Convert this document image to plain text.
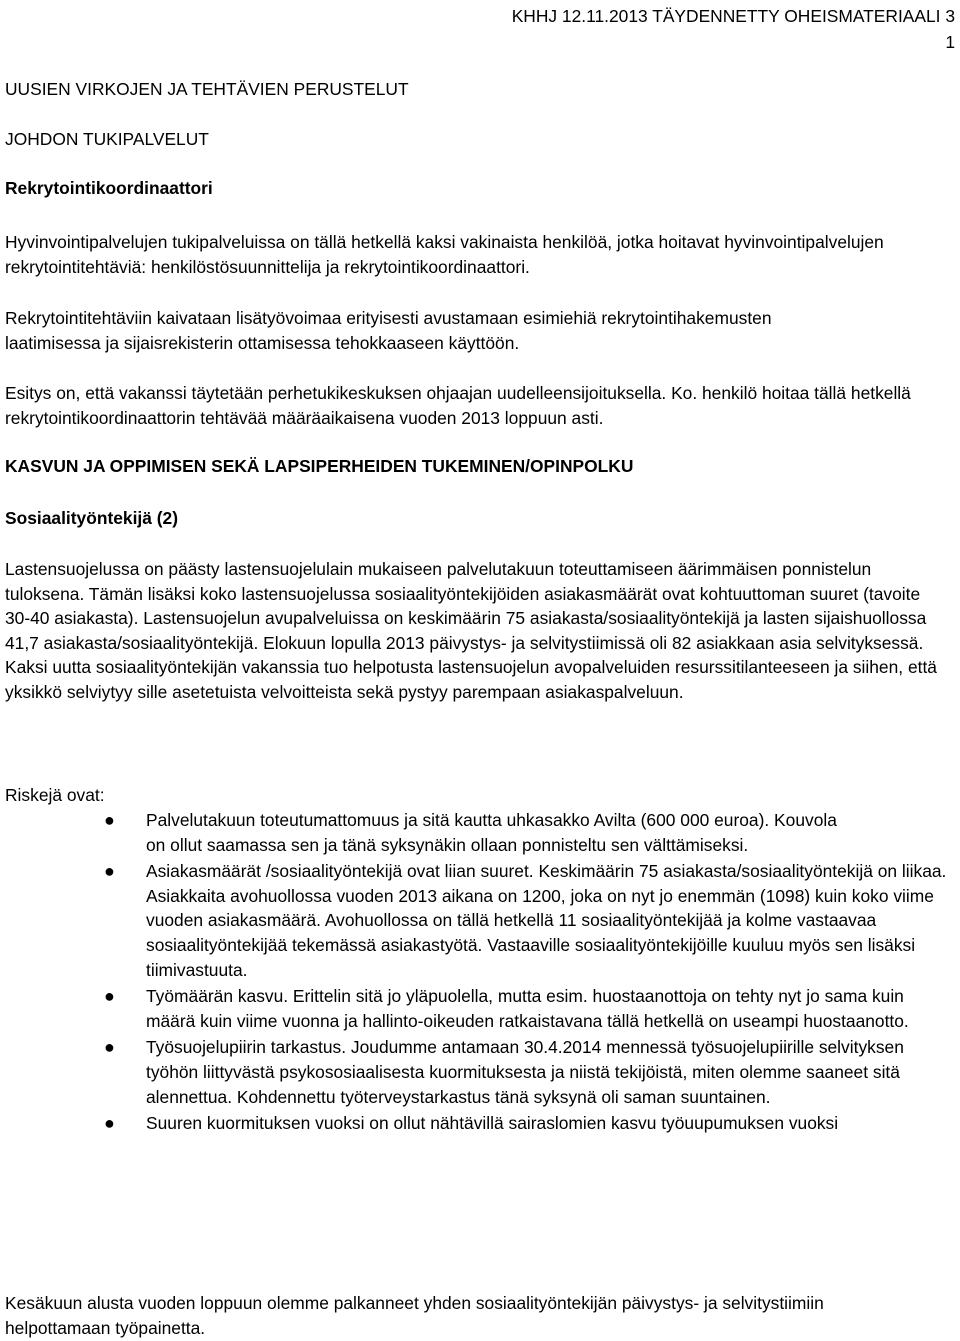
KHHJ 12.11.2013 TÄYDENNETTY OHEISMATERIAALI 3
1
UUSIEN VIRKOJEN JA TEHTÄVIEN PERUSTELUT
JOHDON TUKIPALVELUT
Rekrytointikoordinaattori

Hyvinvointipalvelujen tukipalveluissa on tällä hetkellä kaksi vakinaista henkilöä, jotka hoitavat hyvinvointipalvelujen rekrytointitehtäviä: henkilöstösuunnittelija ja rekrytointikoordinaattori.

Rekrytointitehtäviin kaivataan lisätyövoimaa erityisesti avustamaan esimiehiä rekrytointihakemusten laatimisessa ja sijaisrekisterin ottamisessa tehokkaaseen käyttöön.

Esitys on, että vakanssi täytetään perhetukikeskuksen ohjaajan uudelleensijoituksella. Ko. henkilö hoitaa tällä hetkellä rekrytointikoordinaattorin tehtävää määräaikaisena vuoden 2013 loppuun asti.

KASVUN JA OPPIMISEN SEKÄ LAPSIPERHEIDEN TUKEMINEN/OPINPOLKU
Sosiaalityöntekijä (2)

Lastensuojelussa on päästy lastensuojelulain mukaiseen palvelutakuun toteuttamiseen äärimmäisen ponnistelun tuloksena. Tämän lisäksi koko lastensuojelussa sosiaalityöntekijöiden asiakasmäärät ovat kohtuuttoman suuret (tavoite 30-40 asiakasta). Lastensuojelun avupalveluissa on keskimäärin 75 asiakasta/sosiaalityöntekijä ja lasten sijaishuollossa 41,7 asiakasta/sosiaalityöntekijä. Elokuun lopulla 2013 päivystys- ja selvitystiimissä oli 82 asiakkaan asia selvityksessä. Kaksi uutta sosiaalityöntekijän vakanssia tuo helpotusta lastensuojelun avopalveluiden resurssitilanteeseen ja siihen, että yksikkö selviytyy sille asetetuista velvoitteista sekä pystyy parempaan asiakaspalveluun.

Riskejä ovat:
● Palvelutakuun toteutumattomuus ja sitä kautta uhkasakko Avilta (600 000 euroa). Kouvola on ollut saamassa sen ja tänä syksynäkin ollaan ponnisteltu sen välttämiseksi.
● Asiakasmäärät /sosiaalityöntekijä ovat liian suuret. Keskimäärin 75 asiakasta/sosiaalityöntekijä on liikaa. Asiakkaita avohuollossa vuoden 2013 aikana on 1200, joka on nyt jo enemmän (1098) kuin koko viime vuoden asiakasmäärä. Avohuollossa on tällä hetkellä 11 sosiaalityöntekijää ja kolme vastaavaa sosiaalityöntekijää tekemässä asiakastyötä. Vastaaville sosiaalityöntekijöille kuuluu myös sen lisäksi tiimivastuuta.
● Työmäärän kasvu. Erittelin sitä jo yläpuolella, mutta esim. huostaanottoja on tehty nyt jo sama kuin määrä kuin viime vuonna ja hallinto-oikeuden ratkaistavana tällä hetkellä on useampi huostaanotto.
● Työsuojelupiirin tarkastus. Joudumme antamaan 30.4.2014 mennessä työsuojelupiirille selvityksen työhön liittyvästä psykososiaalisesta kuormituksesta ja niistä tekijöistä, miten olemme saaneet sitä alennettua. Kohdennettu työterveystarkastus tänä syksynä oli saman suuntainen.
● Suuren kuormituksen vuoksi on ollut nähtävillä sairaslomien kasvu työuupumuksen vuoksi

Kesäkuun alusta vuoden loppuun olemme palkanneet yhden sosiaalityöntekijän päivystys- ja selvitystiimiin helpottamaan työpainetta.
